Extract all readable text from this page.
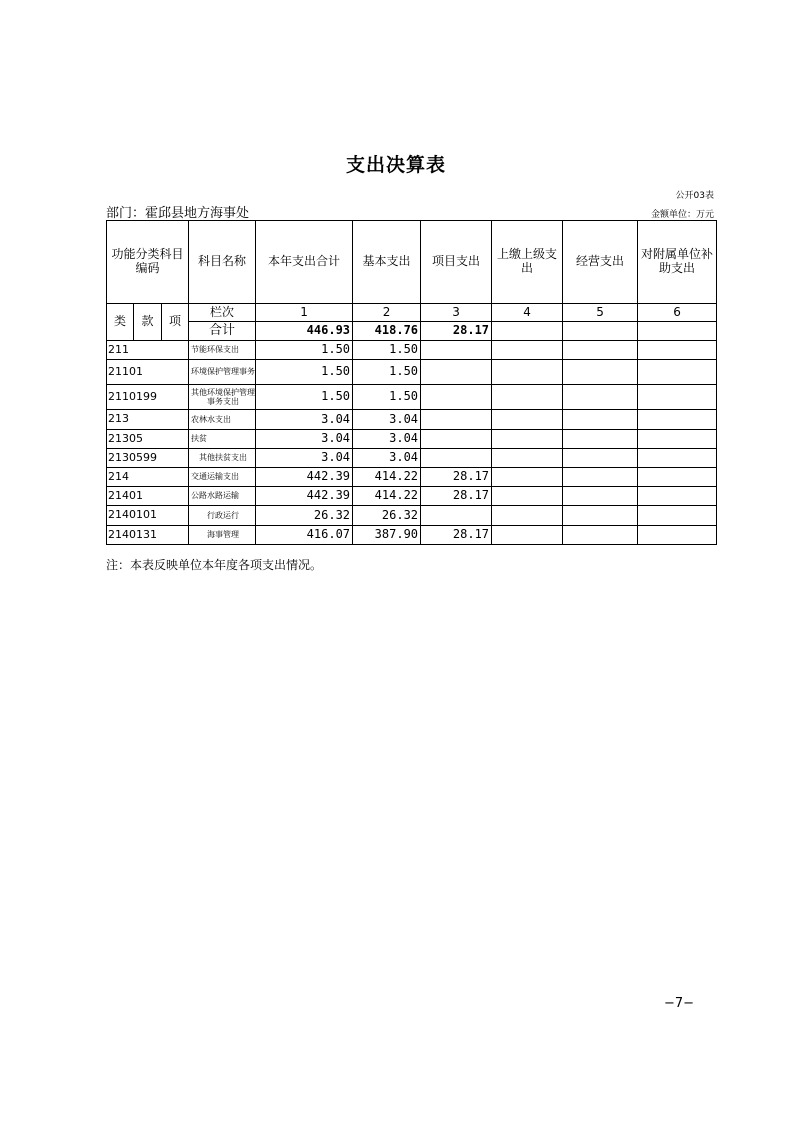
支出决算表
公开03表
部门：霍邱县地方海事处	金额单位：万元
功能分类科目编码			科目名称	本年支出合计	基本支出	项目支出	上缴上级支出	经营支出	对附属单位补助支出
类	款	项	栏次	1	2	3	4	5	6
			合计	446.93	418.76	28.17			
211			节能环保支出	1.50	1.50				
21101			环境保护管理事务	1.50	1.50				
2110199			其他环境保护管理事务支出	1.50	1.50				
213			农林水支出	3.04	3.04				
21305			扶贫	3.04	3.04				
2130599			其他扶贫支出	3.04	3.04				
214			交通运输支出	442.39	414.22	28.17			
21401			公路水路运输	442.39	414.22	28.17			
2140101			行政运行	26.32	26.32				
2140131			海事管理	416.07	387.90	28.17			
注：本表反映单位本年度各项支出情况。
−7−
